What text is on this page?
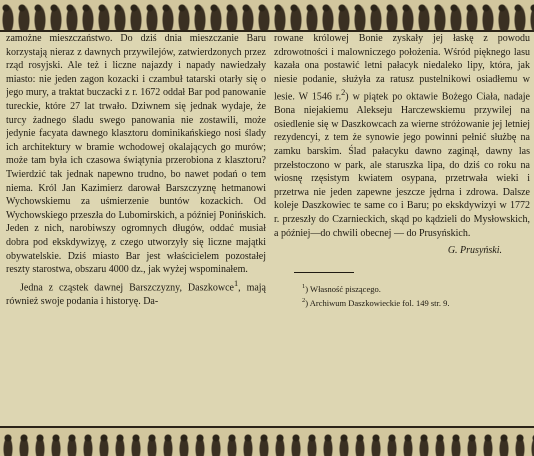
zamożne mieszczaństwo. Do dziś dnia mieszczanie Baru korzystają nieraz z dawnych przywilejów, zatwierdzonych przez rząd rosyjski. Ale też i liczne najazdy i napady nawiedzały miasto: nie jeden zagon kozacki i czambuł tatarski otarły się o jego mury, a traktat buczacki z r. 1672 oddał Bar pod panowanie tureckie, które 27 lat trwało. Dziwnem się jednak wydaje, że turcy żadnego śladu swego panowania nie zostawili, może jedynie facyata dawnego klasztoru dominikańskiego nosi ślady ich architektury w bramie wchodowej okalających go murów; może tam była ich czasowa świątynia przerobiona z klasztoru? Twierdzić tak jednak napewno trudno, bo nawet podań o tem niema. Król Jan Kazimierz darował Barszczyznę hetmanowi Wychowskiemu za uśmierzenie buntów kozackich. Od Wychowskiego przeszła do Lubomirskich, a później Ponińskich. Jeden z nich, narobiwszy ogromnych długów, oddać musiał dobra pod ekskdywizyę, z czego utworzyły się liczne majątki obywatelskie. Dziś miasto Bar jest właścicielem pozostałej reszty starostwa, obszaru 4000 dz., jak wyżej wspominałem.

Jedna z cząstek dawnej Barszczyzny, Daszkowce$^1$, mają również swoje podania i historyę. Da-

rowane królowej Bonie zyskały jej łaskę z powodu zdrowotności i malowniczego położenia. Wśród pięknego lasu kazała ona postawić letni pałacyk niedaleko lipy, która, jak niesie podanie, służyła za ratusz pustelnikowi osiadłemu w lesie. W 1546 r.$^2$) w piątek po oktawie Bożego Ciała, nadaje Bona niejakiemu Alekseju Harczewskiemu przywilej na osiedlenie się w Daszkowcach za wierne stróżowanie jej letniej rezydencyi, z tem że synowie jego powinni pełnić służbę na zamku barskim. Ślad pałacyku dawno zaginął, dawny las przełstoczono w park, ale staruszka lipa, do dziś co roku na wiosnę rzęsistym kwiatem osypana, przetrwała wieki i przetrwa nie jeden zapewne jeszcze jędrna i zdrowa. Dalsze koleje Daszkowiec te same co i Baru; po ekskdywizyi w 1772 r. przeszły do Czarnieckich, skąd po kądzieli do Mysłowskich, a później—do chwili obecnej — do Prusyńskich.

G. Prusyński.

$^1$) Własność piszącego.

$^2$) Archiwum Daszkowieckie fol. 149 str. 9.
